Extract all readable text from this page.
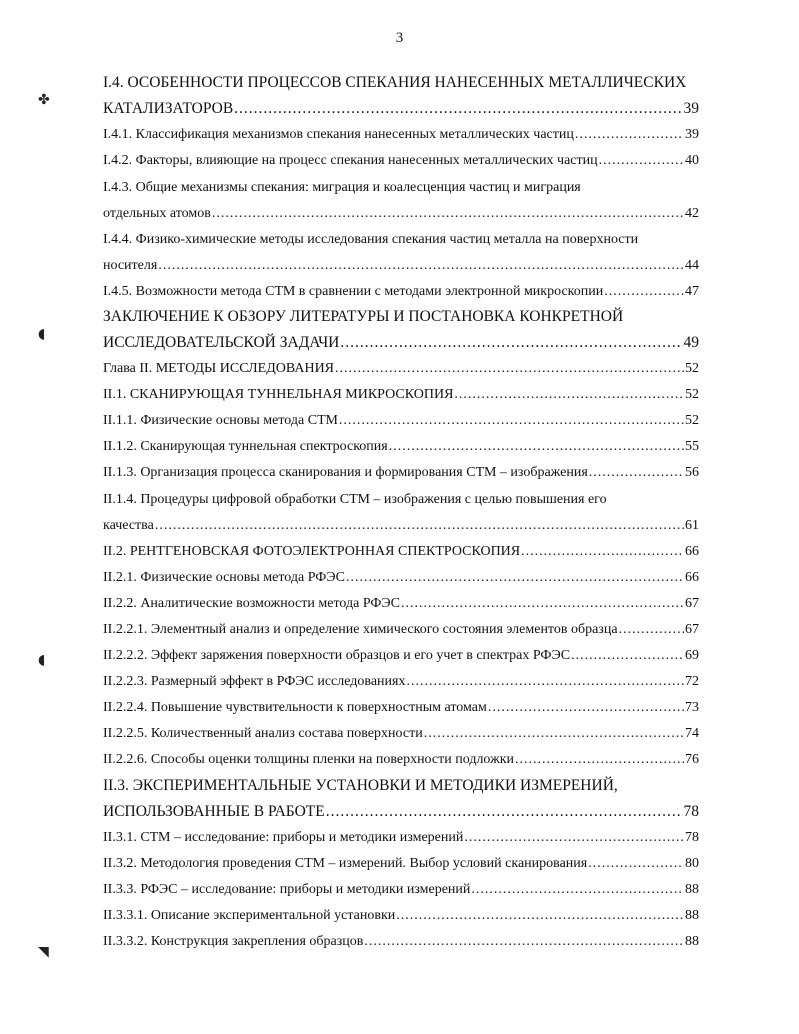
3
✤
◖
◖
◥
I.4. ОСОБЕННОСТИ ПРОЦЕССОВ СПЕКАНИЯ НАНЕСЕННЫХ МЕТАЛЛИЧЕСКИХ
КАТАЛИЗАТОРОВ .....	39
I.4.1. Классификация механизмов спекания нанесенных металлических частиц .....	39
I.4.2. Факторы, влияющие на процесс спекания нанесенных металлических частиц .....	40
I.4.3. Общие механизмы спекания: миграция и коалесценция частиц и миграция
отдельных атомов .....	42
I.4.4. Физико-химические методы исследования спекания частиц металла на поверхности
носителя .....	44
I.4.5. Возможности метода СТМ в сравнении с методами электронной микроскопии .....	47
ЗАКЛЮЧЕНИЕ К ОБЗОРУ ЛИТЕРАТУРЫ И ПОСТАНОВКА КОНКРЕТНОЙ
ИССЛЕДОВАТЕЛЬСКОЙ ЗАДАЧИ .....	49
Глава II. МЕТОДЫ ИССЛЕДОВАНИЯ .....	52
II.1. СКАНИРУЮЩАЯ ТУННЕЛЬНАЯ МИКРОСКОПИЯ .....	52
II.1.1. Физические основы метода СТМ .....	52
II.1.2. Сканирующая туннельная спектроскопия .....	55
II.1.3. Организация процесса сканирования и формирования СТМ – изображения .....	56
II.1.4. Процедуры цифровой обработки СТМ – изображения с целью повышения его
качества .....	61
II.2. РЕНТГЕНОВСКАЯ ФОТОЭЛЕКТРОННАЯ СПЕКТРОСКОПИЯ .....	66
II.2.1. Физические основы метода РФЭС .....	66
II.2.2. Аналитические возможности метода РФЭС .....	67
II.2.2.1. Элементный анализ и определение химического состояния элементов образца .....	67
II.2.2.2. Эффект заряжения поверхности образцов и его учет в спектрах РФЭС .....	69
II.2.2.3. Размерный эффект в РФЭС исследованиях .....	72
II.2.2.4. Повышение чувствительности к поверхностным атомам .....	73
II.2.2.5. Количественный анализ состава поверхности .....	74
II.2.2.6. Способы оценки толщины пленки на поверхности подложки .....	76
II.3. ЭКСПЕРИМЕНТАЛЬНЫЕ УСТАНОВКИ И МЕТОДИКИ ИЗМЕРЕНИЙ,
ИСПОЛЬЗОВАННЫЕ В РАБОТЕ .....	78
II.3.1. СТМ – исследование: приборы и методики измерений .....	78
II.3.2. Методология проведения СТМ – измерений. Выбор условий сканирования .....	80
II.3.3. РФЭС – исследование: приборы и методики измерений .....	88
II.3.3.1. Описание экспериментальной установки .....	88
II.3.3.2. Конструкция закрепления образцов .....	88
